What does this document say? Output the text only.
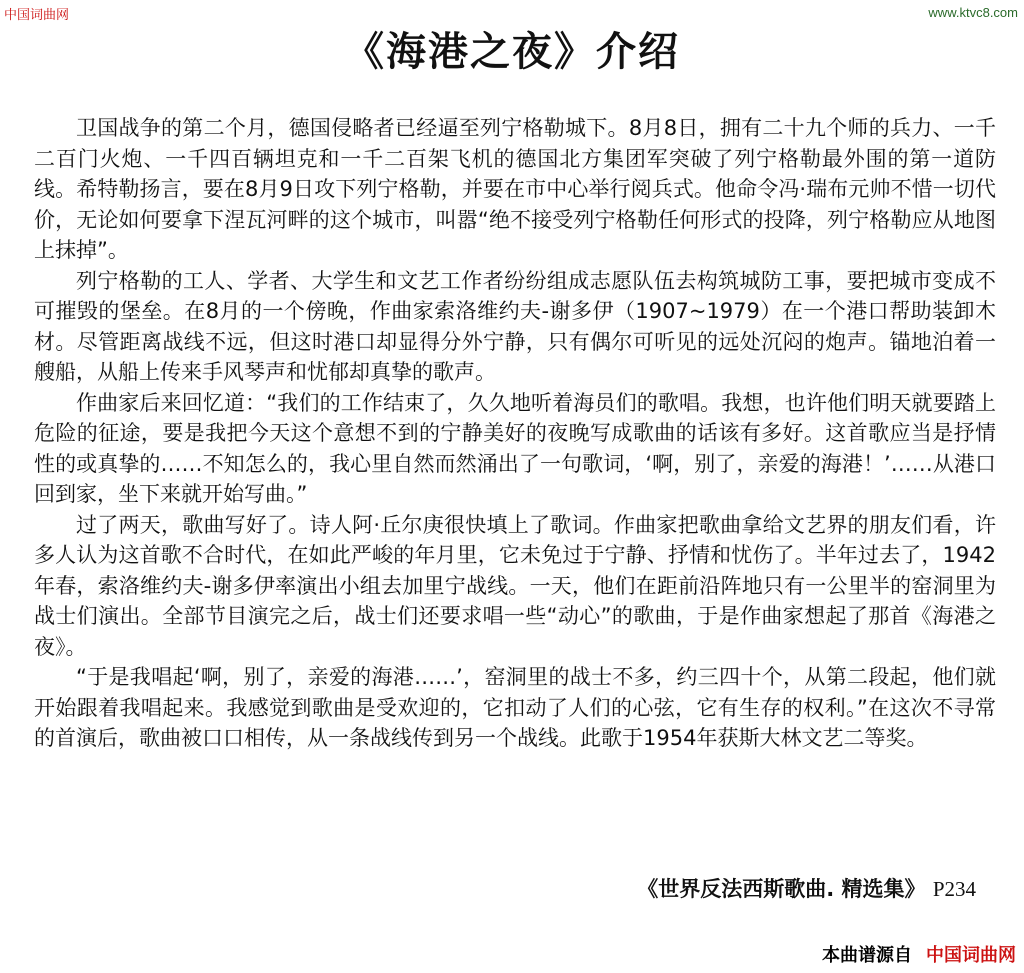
中国词曲网	www.ktvc8.com
《海港之夜》介绍

卫国战争的第二个月，德国侵略者已经逼至列宁格勒城下。8月8日，拥有二十九个师的兵力、一千二百门火炮、一千四百辆坦克和一千二百架飞机的德国北方集团军突破了列宁格勒最外围的第一道防线。希特勒扬言，要在8月9日攻下列宁格勒，并要在市中心举行阅兵式。他命令冯·瑞布元帅不惜一切代价，无论如何要拿下涅瓦河畔的这个城市，叫嚣“绝不接受列宁格勒任何形式的投降，列宁格勒应从地图上抹掉”。

列宁格勒的工人、学者、大学生和文艺工作者纷纷组成志愿队伍去构筑城防工事，要把城市变成不可摧毁的堡垒。在8月的一个傍晚，作曲家索洛维约夫-谢多伊（1907~1979）在一个港口帮助装卸木材。尽管距离战线不远，但这时港口却显得分外宁静，只有偶尔可听见的远处沉闷的炮声。锚地泊着一艘船，从船上传来手风琴声和忧郁却真挚的歌声。

作曲家后来回忆道：“我们的工作结束了，久久地听着海员们的歌唱。我想，也许他们明天就要踏上危险的征途，要是我把今天这个意想不到的宁静美好的夜晚写成歌曲的话该有多好。这首歌应当是抒情性的或真挚的……不知怎么的，我心里自然而然涌出了一句歌词，‘啊，别了，亲爱的海港！’……从港口回到家，坐下来就开始写曲。”

过了两天，歌曲写好了。诗人阿·丘尔庚很快填上了歌词。作曲家把歌曲拿给文艺界的朋友们看，许多人认为这首歌不合时代，在如此严峻的年月里，它未免过于宁静、抒情和忧伤了。半年过去了，1942年春，索洛维约夫-谢多伊率演出小组去加里宁战线。一天，他们在距前沿阵地只有一公里半的窑洞里为战士们演出。全部节目演完之后，战士们还要求唱一些“动心”的歌曲，于是作曲家想起了那首《海港之夜》。

“于是我唱起‘啊，别了，亲爱的海港……’，窑洞里的战士不多，约三四十个，从第二段起，他们就开始跟着我唱起来。我感觉到歌曲是受欢迎的，它扣动了人们的心弦，它有生存的权利。”在这次不寻常的首演后，歌曲被口口相传，从一条战线传到另一个战线。此歌于1954年获斯大林文艺二等奖。

《世界反法西斯歌曲. 精选集》 P234
本曲谱源自 中国词曲网
